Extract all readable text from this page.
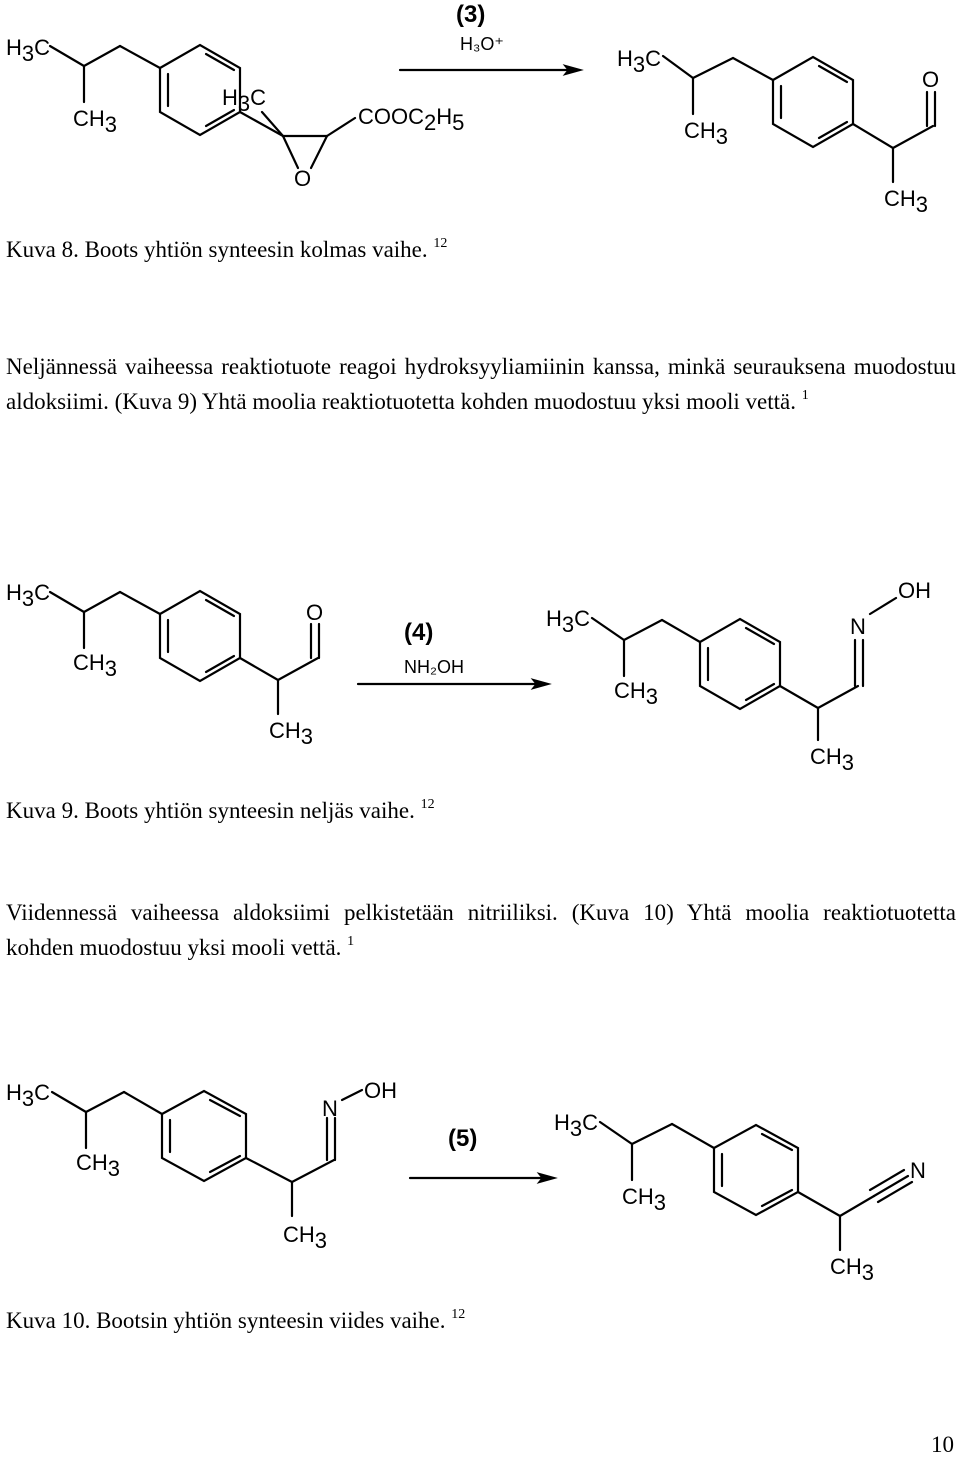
H3C
CH3
H3C
O
COOC2H5
(3)
H₃O⁺
H3C
CH3
CH3
O
Kuva 8. Boots yhtiön synteesin kolmas vaihe. $^{12}$
Neljännessä vaiheessa reaktiotuote reagoi hydroksyyliamiinin kanssa, minkä seurauksena muodostuu aldoksiimi. (Kuva 9) Yhtä moolia reaktiotuotetta kohden muodostuu yksi mooli vettä. $^1$
H3C
CH3
CH3
O
(4)
NH₂OH
H3C
CH3
CH3
N
OH
Kuva 9. Boots yhtiön synteesin neljäs vaihe. $^{12}$
Viidennessä vaiheessa aldoksiimi pelkistetään nitriiliksi. (Kuva 10) Yhtä moolia reaktiotuotetta kohden muodostuu yksi mooli vettä. $^1$
H3C
CH3
CH3
N
OH
(5)
H3C
CH3
CH3
N
Kuva 10. Bootsin yhtiön synteesin viides vaihe. $^{12}$
10
